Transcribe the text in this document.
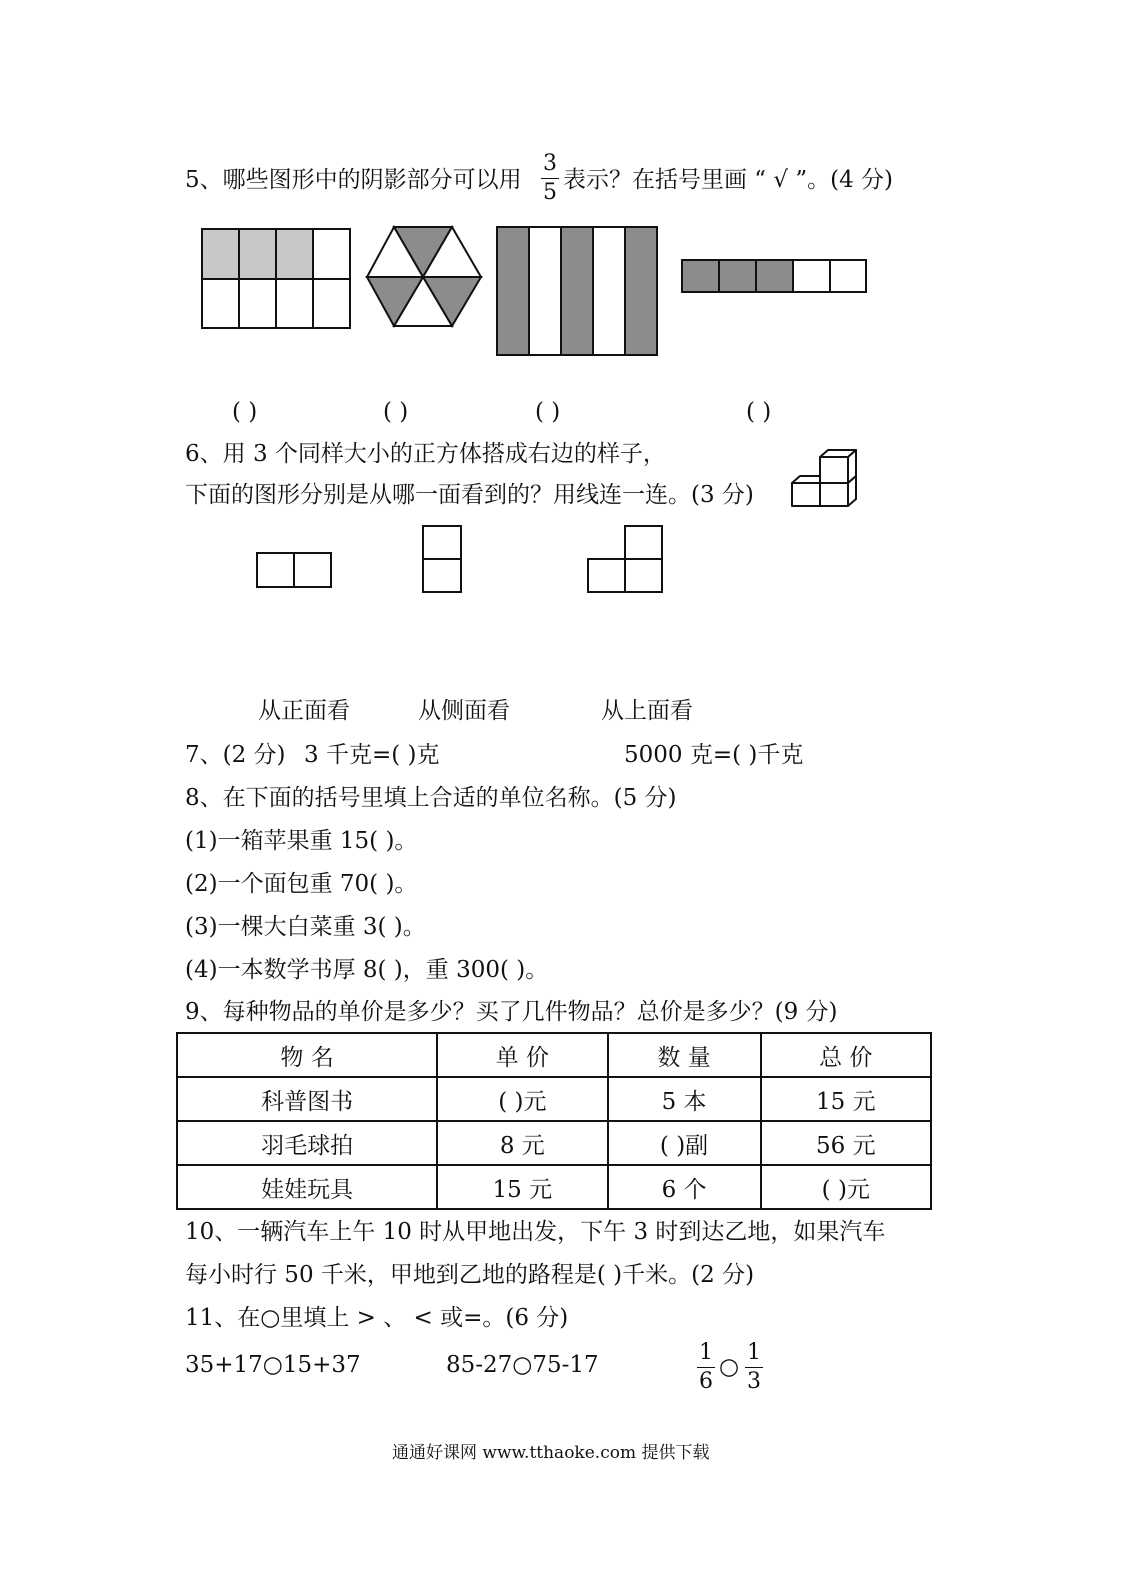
5、哪些图形中的阴影部分可以用
3
5 表示？在括号里画 “ √ ”。(4 分)
( )	( )	( )	( )
6、用 3 个同样大小的正方体搭成右边的样子，
下面的图形分别是从哪一面看到的？用线连一连。(3 分)
从正面看	从侧面看	从上面看
7、(2 分) 3 千克=( )克	5000 克=( )千克
8、在下面的括号里填上合适的单位名称。(5 分)
(1)一箱苹果重 15( )。
(2)一个面包重 70( )。
(3)一棵大白菜重 3( )。
(4)一本数学书厚 8( )，重 300( )。
9、每种物品的单价是多少？买了几件物品？总价是多少？(9 分)
物 名	单 价	数 量	总 价
科普图书	( )元	5 本	15 元
羽毛球拍	8 元	( )副	56 元
娃娃玩具	15 元	6 个	( )元
10、一辆汽车上午 10 时从甲地出发，下午 3 时到达乙地，如果汽车
每小时行 50 千米，甲地到乙地的路程是( )千米。(2 分)
11、在○里填上 > 、 < 或=。(6 分)
35+17○15+37	85-27○75-17	1
6
○
1
3
通通好课网 www.tthaoke.com 提供下载
